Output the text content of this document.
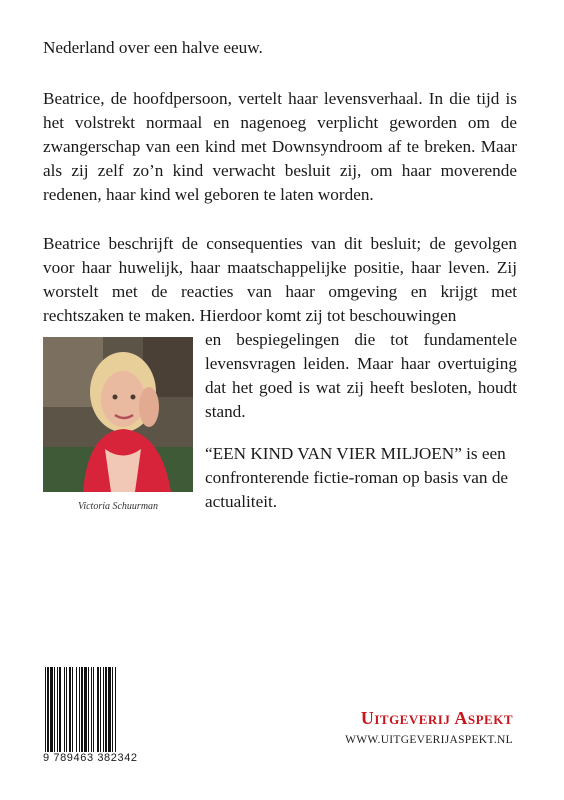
Nederland over een halve eeuw.

Beatrice, de hoofdpersoon, vertelt haar levensverhaal. In die tijd is het volstrekt normaal en nagenoeg verplicht geworden om de zwangerschap van een kind met Downsyndroom af te breken. Maar als zij zelf zo’n kind verwacht besluit zij, om haar moverende redenen, haar kind wel geboren te laten worden.

Beatrice beschrijft de consequenties van dit besluit; de gevolgen voor haar huwelijk, haar maatschappelijke positie, haar leven. Zij worstelt met de reacties van haar omgeving en krijgt met rechtszaken te maken. Hierdoor komt zij tot beschouwingen

en bespiegelingen die tot fundamentele levensvragen leiden. Maar haar overtuiging dat het goed is wat zij heeft besloten, houdt stand.

“EEN KIND VAN VIER MILJOEN” is een confronterende fictie-roman op basis van de actualiteit.

Victoria Schuurman
9 789463 382342
Uitgeverij Aspekt
WWW.UITGEVERIJASPEKT.NL
